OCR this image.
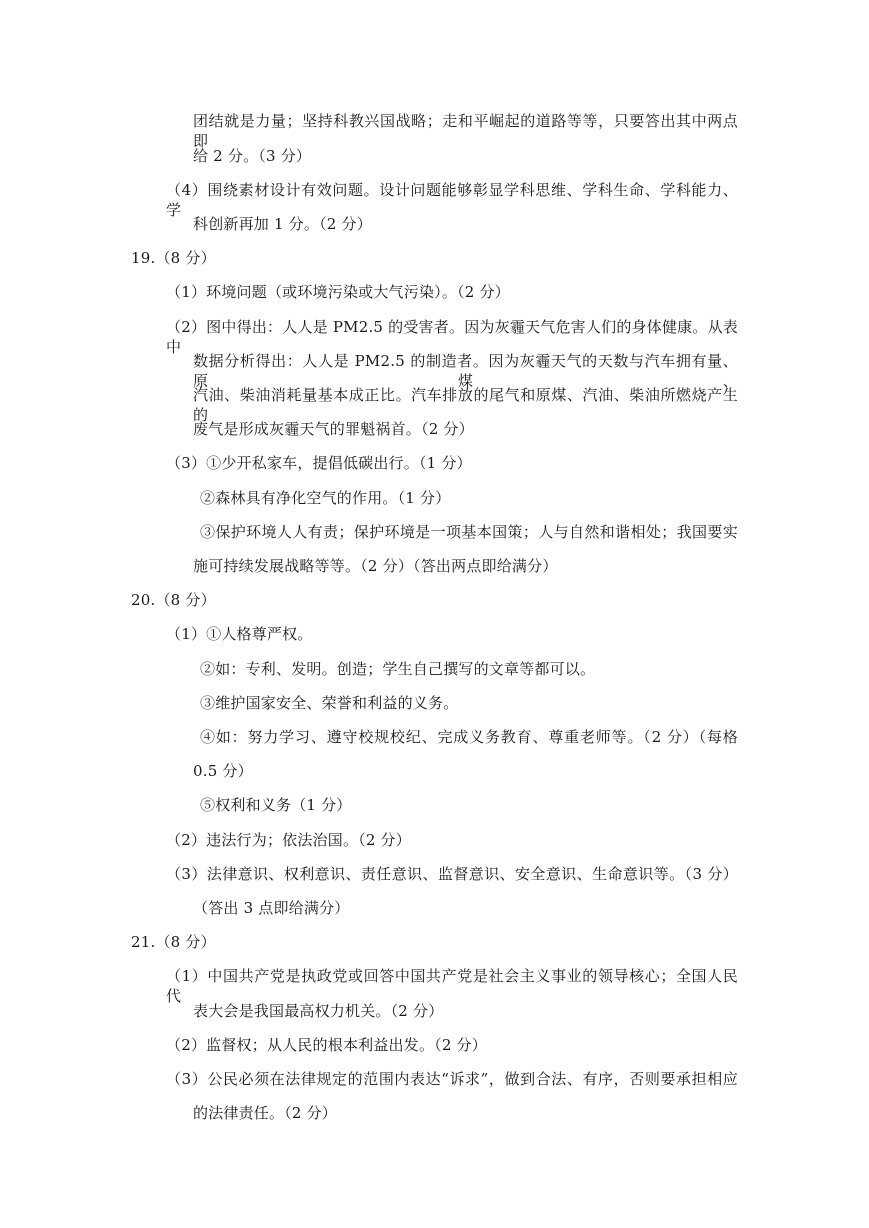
团结就是力量；坚持科教兴国战略；走和平崛起的道路等等，只要答出其中两点即
给 2 分。（3 分）
（4）围绕素材设计有效问题。设计问题能够彰显学科思维、学科生命、学科能力、学
科创新再加 1 分。（2 分）
19.（8 分）
（1）环境问题（或环境污染或大气污染）。（2 分）
（2）图中得出：人人是 PM2.5 的受害者。因为灰霾天气危害人们的身体健康。从表中
数据分析得出：人人是 PM2.5 的制造者。因为灰霾天气的天数与汽车拥有量、原煤、
汽油、柴油消耗量基本成正比。汽车排放的尾气和原煤、汽油、柴油所燃烧产生的
废气是形成灰霾天气的罪魁祸首。（2 分）
（3）①少开私家车，提倡低碳出行。（1 分）
②森林具有净化空气的作用。（1 分）
③保护环境人人有责；保护环境是一项基本国策；人与自然和谐相处；我国要实
施可持续发展战略等等。（2 分）（答出两点即给满分）
20.（8 分）
（1）①人格尊严权。
②如：专利、发明。创造；学生自己撰写的文章等都可以。
③维护国家安全、荣誉和利益的义务。
④如：努力学习、遵守校规校纪、完成义务教育、尊重老师等。（2 分）（每格
0.5 分）
⑤权利和义务（1 分）
（2）违法行为；依法治国。（2 分）
（3）法律意识、权利意识、责任意识、监督意识、安全意识、生命意识等。（3 分）
（答出 3 点即给满分）
21.（8 分）
（1）中国共产党是执政党或回答中国共产党是社会主义事业的领导核心；全国人民代
表大会是我国最高权力机关。（2 分）
（2）监督权；从人民的根本利益出发。（2 分）
（3）公民必须在法律规定的范围内表达“诉求”，做到合法、有序，否则要承担相应
的法律责任。（2 分）
